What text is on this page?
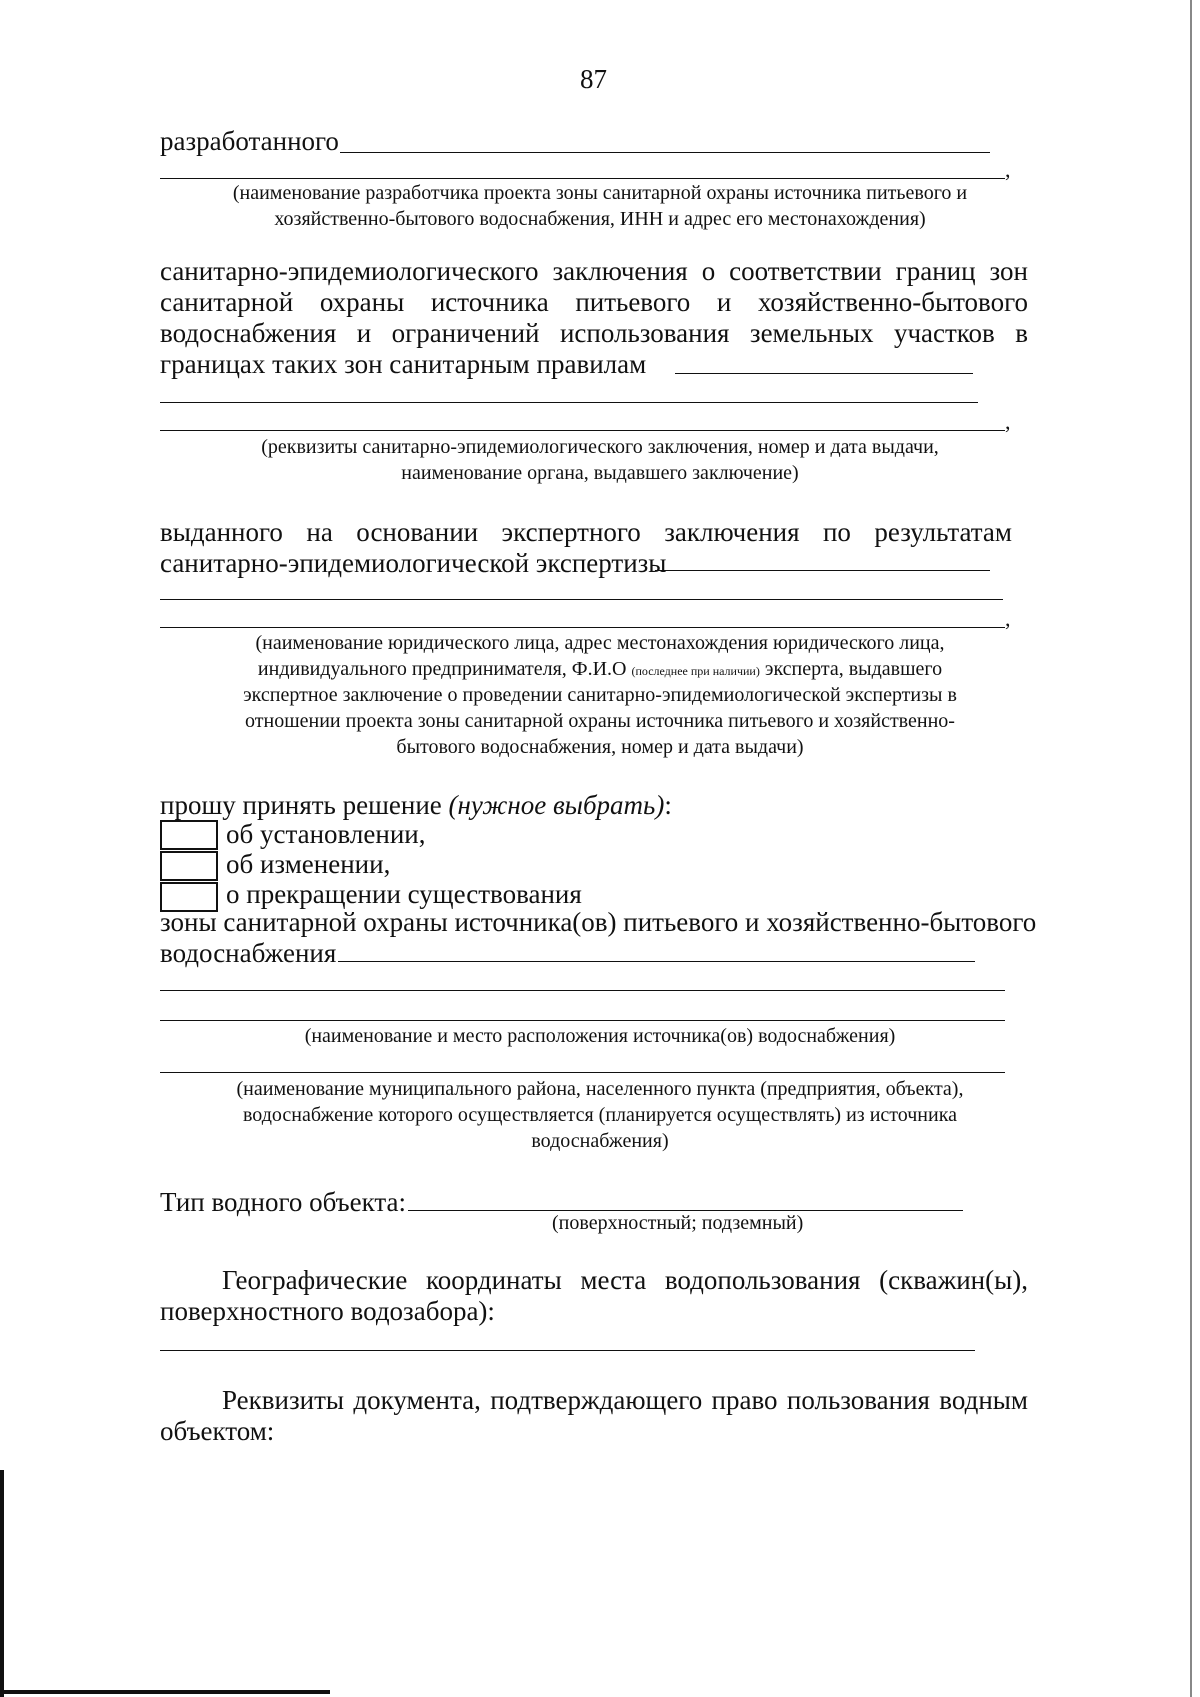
87
разработанного
,
(наименование разработчика проекта зоны санитарной охраны источника питьевого и
хозяйственно-бытового водоснабжения, ИНН и адрес его местонахождения)
санитарно-эпидемиологического заключения о соответствии границ зон
санитарной охраны источника питьевого и хозяйственно-бытового
водоснабжения и ограничений использования земельных участков в
границах таких зон санитарным правилам
,
(реквизиты санитарно-эпидемиологического заключения, номер и дата выдачи,
наименование органа, выдавшего заключение)
выданного на основании экспертного заключения по результатам
санитарно-эпидемиологической экспертизы
,
(наименование юридического лица, адрес местонахождения юридического лица,
индивидуального предпринимателя, Ф.И.О (последнее при наличии) эксперта, выдавшего
экспертное заключение о проведении санитарно-эпидемиологической экспертизы в
отношении проекта зоны санитарной охраны источника питьевого и хозяйственно-
бытового водоснабжения, номер и дата выдачи)
прошу принять решение (нужное выбрать):
об установлении,
об изменении,
о прекращении существования
зоны санитарной охраны источника(ов) питьевого и хозяйственно-бытового
водоснабжения
(наименование и место расположения источника(ов) водоснабжения)
(наименование муниципального района, населенного пункта (предприятия, объекта),
водоснабжение которого осуществляется (планируется осуществлять) из источника
водоснабжения)
Тип водного объекта:
(поверхностный; подземный)
Географические координаты места водопользования (скважин(ы),
поверхностного водозабора):
Реквизиты документа, подтверждающего право пользования водным
объектом:
